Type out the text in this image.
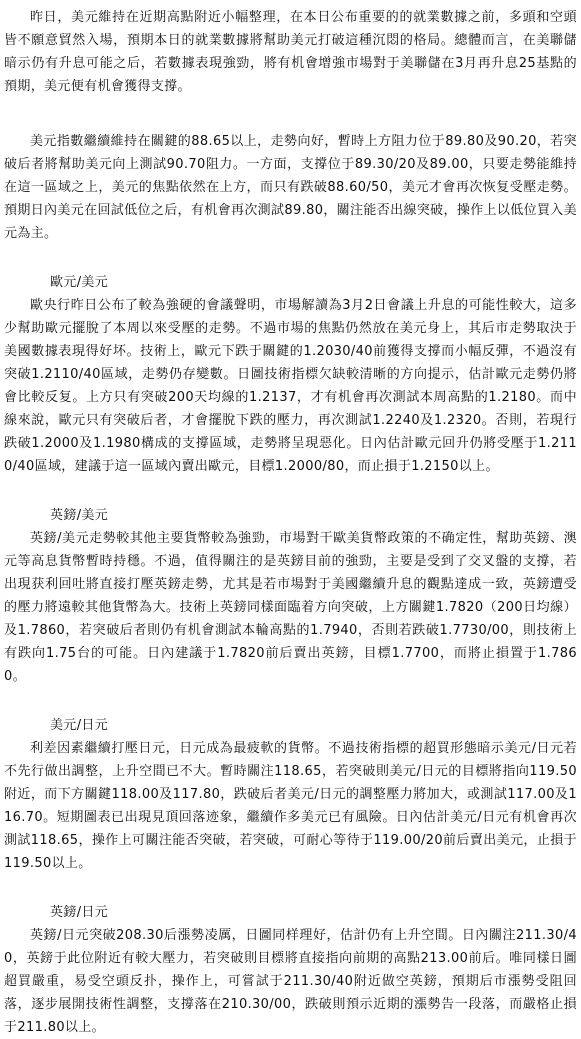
昨日，美元維持在近期高點附近小幅整理，在本日公布重要的的就業數據之前，多頭和空頭皆不願意貿然入場，預期本日的就業數據將幫助美元打破這種沉悶的格局。總體而言，在美聯儲暗示仍有升息可能之后，若數據表現強勁，將有机會增強市場對于美聯儲在3月再升息25基點的預期，美元便有机會獲得支撐。

美元指數繼續維持在關鍵的88.65以上，走勢向好，暫時上方阻力位于89.80及90.20，若突破后者將幫助美元向上測試90.70阻力。一方面，支撐位于89.30/20及89.00，只要走勢能維持在這一區域之上，美元的焦點依然在上方，而只有跌破88.60/50，美元才會再次恢复受壓走勢。預期日內美元在回試低位之后，有机會再次測試89.80，關注能否出線突破，操作上以低位買入美元為主。

歐元/美元

歐央行昨日公布了較為強硬的會議聲明，市場解讀為3月2日會議上升息的可能性較大，這多少幫助歐元擺脫了本周以來受壓的走勢。不過市場的焦點仍然放在美元身上，其后市走勢取決于美國數據表現得好坏。技術上，歐元下跌于關鍵的1.2030/40前獲得支撐而小幅反彈，不過沒有突破1.2110/40區域，走勢仍存變數。日圖技術指標欠缺較清晰的方向提示，估計歐元走勢仍將會比較反复。上方只有突破200天均線的1.2137，才有机會再次測試本周高點的1.2180。而中線來說，歐元只有突破后者，才會擺脫下跌的壓力，再次測試1.2240及1.2320。否則，若現行跌破1.2000及1.1980構成的支撐區域，走勢將呈現惡化。日內估計歐元回升仍將受壓于1.2110/40區域，建議于這一區域內賣出歐元，目標1.2000/80，而止損于1.2150以上。

英鎊/美元

英鎊/美元走勢較其他主要貨幣較為強勁，市場對干歐美貨幣政策的不确定性，幫助英鎊、澳元等高息貨幣暫時持穩。不過，值得關注的是英鎊目前的強勁，主要是受到了交叉盤的支撐，若出現获利回吐將直接打壓英鎊走勢，尤其是若市場對于美國繼續升息的觀點達成一致，英鎊遭受的壓力將遠較其他貨幣為大。技術上英鎊同樣面臨着方向突破，上方關鍵1.7820（200日均線）及1.7860，若突破后者則仍有机會測試本輪高點的1.7940，否則若跌破1.7730/00，則技術上有跌向1.75台的可能。日內建議于1.7820前后賣出英鎊，目標1.7700，而將止損置于1.7860。

美元/日元

利差因素繼續打壓日元，日元成為最疲軟的貨幣。不過技術指標的超買形態暗示美元/日元若不先行做出調整，上升空間已不大。暫時關注118.65，若突破則美元/日元的目標將指向119.50附近，而下方關鍵118.00及117.80，跌破后者美元/日元的調整壓力將加大，或測試117.00及116.70。短期圖表已出現見頂回落迹象，繼續作多美元已有風險。日內估計美元/日元有机會再次測試118.65，操作上可關注能否突破，若突破，可耐心等待于119.00/20前后賣出美元，止損于119.50以上。

英鎊/日元

英鎊/日元突破208.30后漲勢凌厲，日圖同样理好，估計仍有上升空間。日內關注211.30/40，英鎊于此位附近有較大壓力，若突破則目標將直接指向前期的高點213.00前后。唯同樣日圖超買嚴重，易受空頭反扑，操作上，可嘗試于211.30/40附近做空英鎊，預期后市漲勢受阻回落，逐步展開技術性調整，支撐落在210.30/00，跌破則預示近期的漲勢告一段落，而嚴格止損于211.80以上。
